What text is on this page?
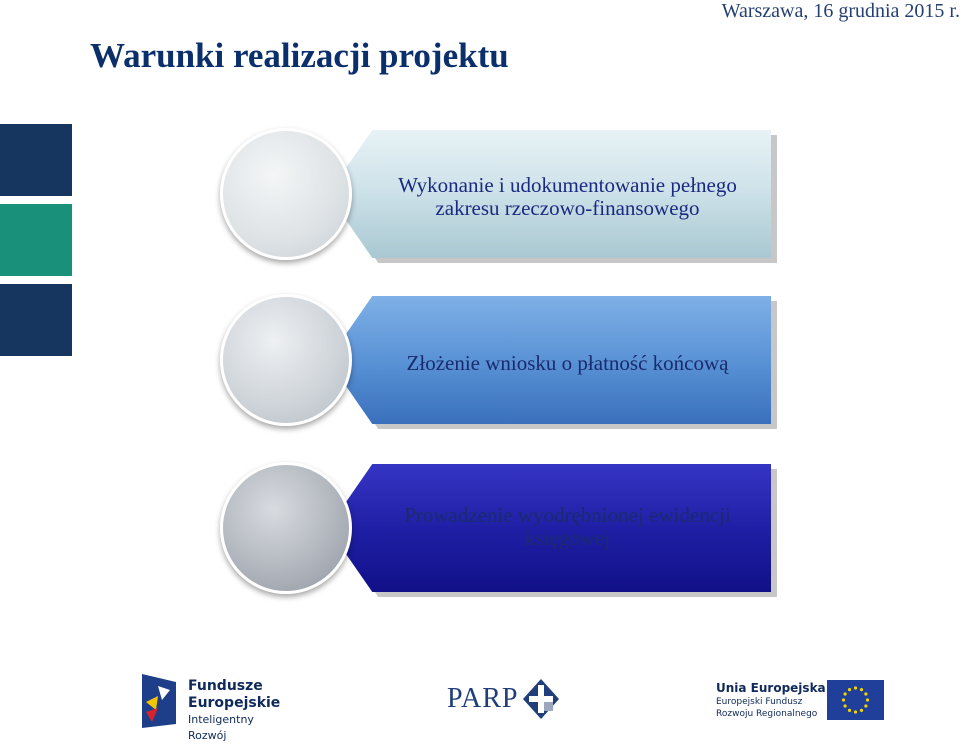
Warszawa, 16 grudnia 2015 r.
Warunki realizacji projektu
Wykonanie i udokumentowanie pełnego
zakresu rzeczowo-finansowego
Złożenie wniosku o płatność końcową
Prowadzenie wyodrębnionej ewidencji
księgowej
Fundusze
Europejskie
Inteligentny Rozwój
PARP	Unia Europejska
Europejski Fundusz
Rozwoju Regionalnego
